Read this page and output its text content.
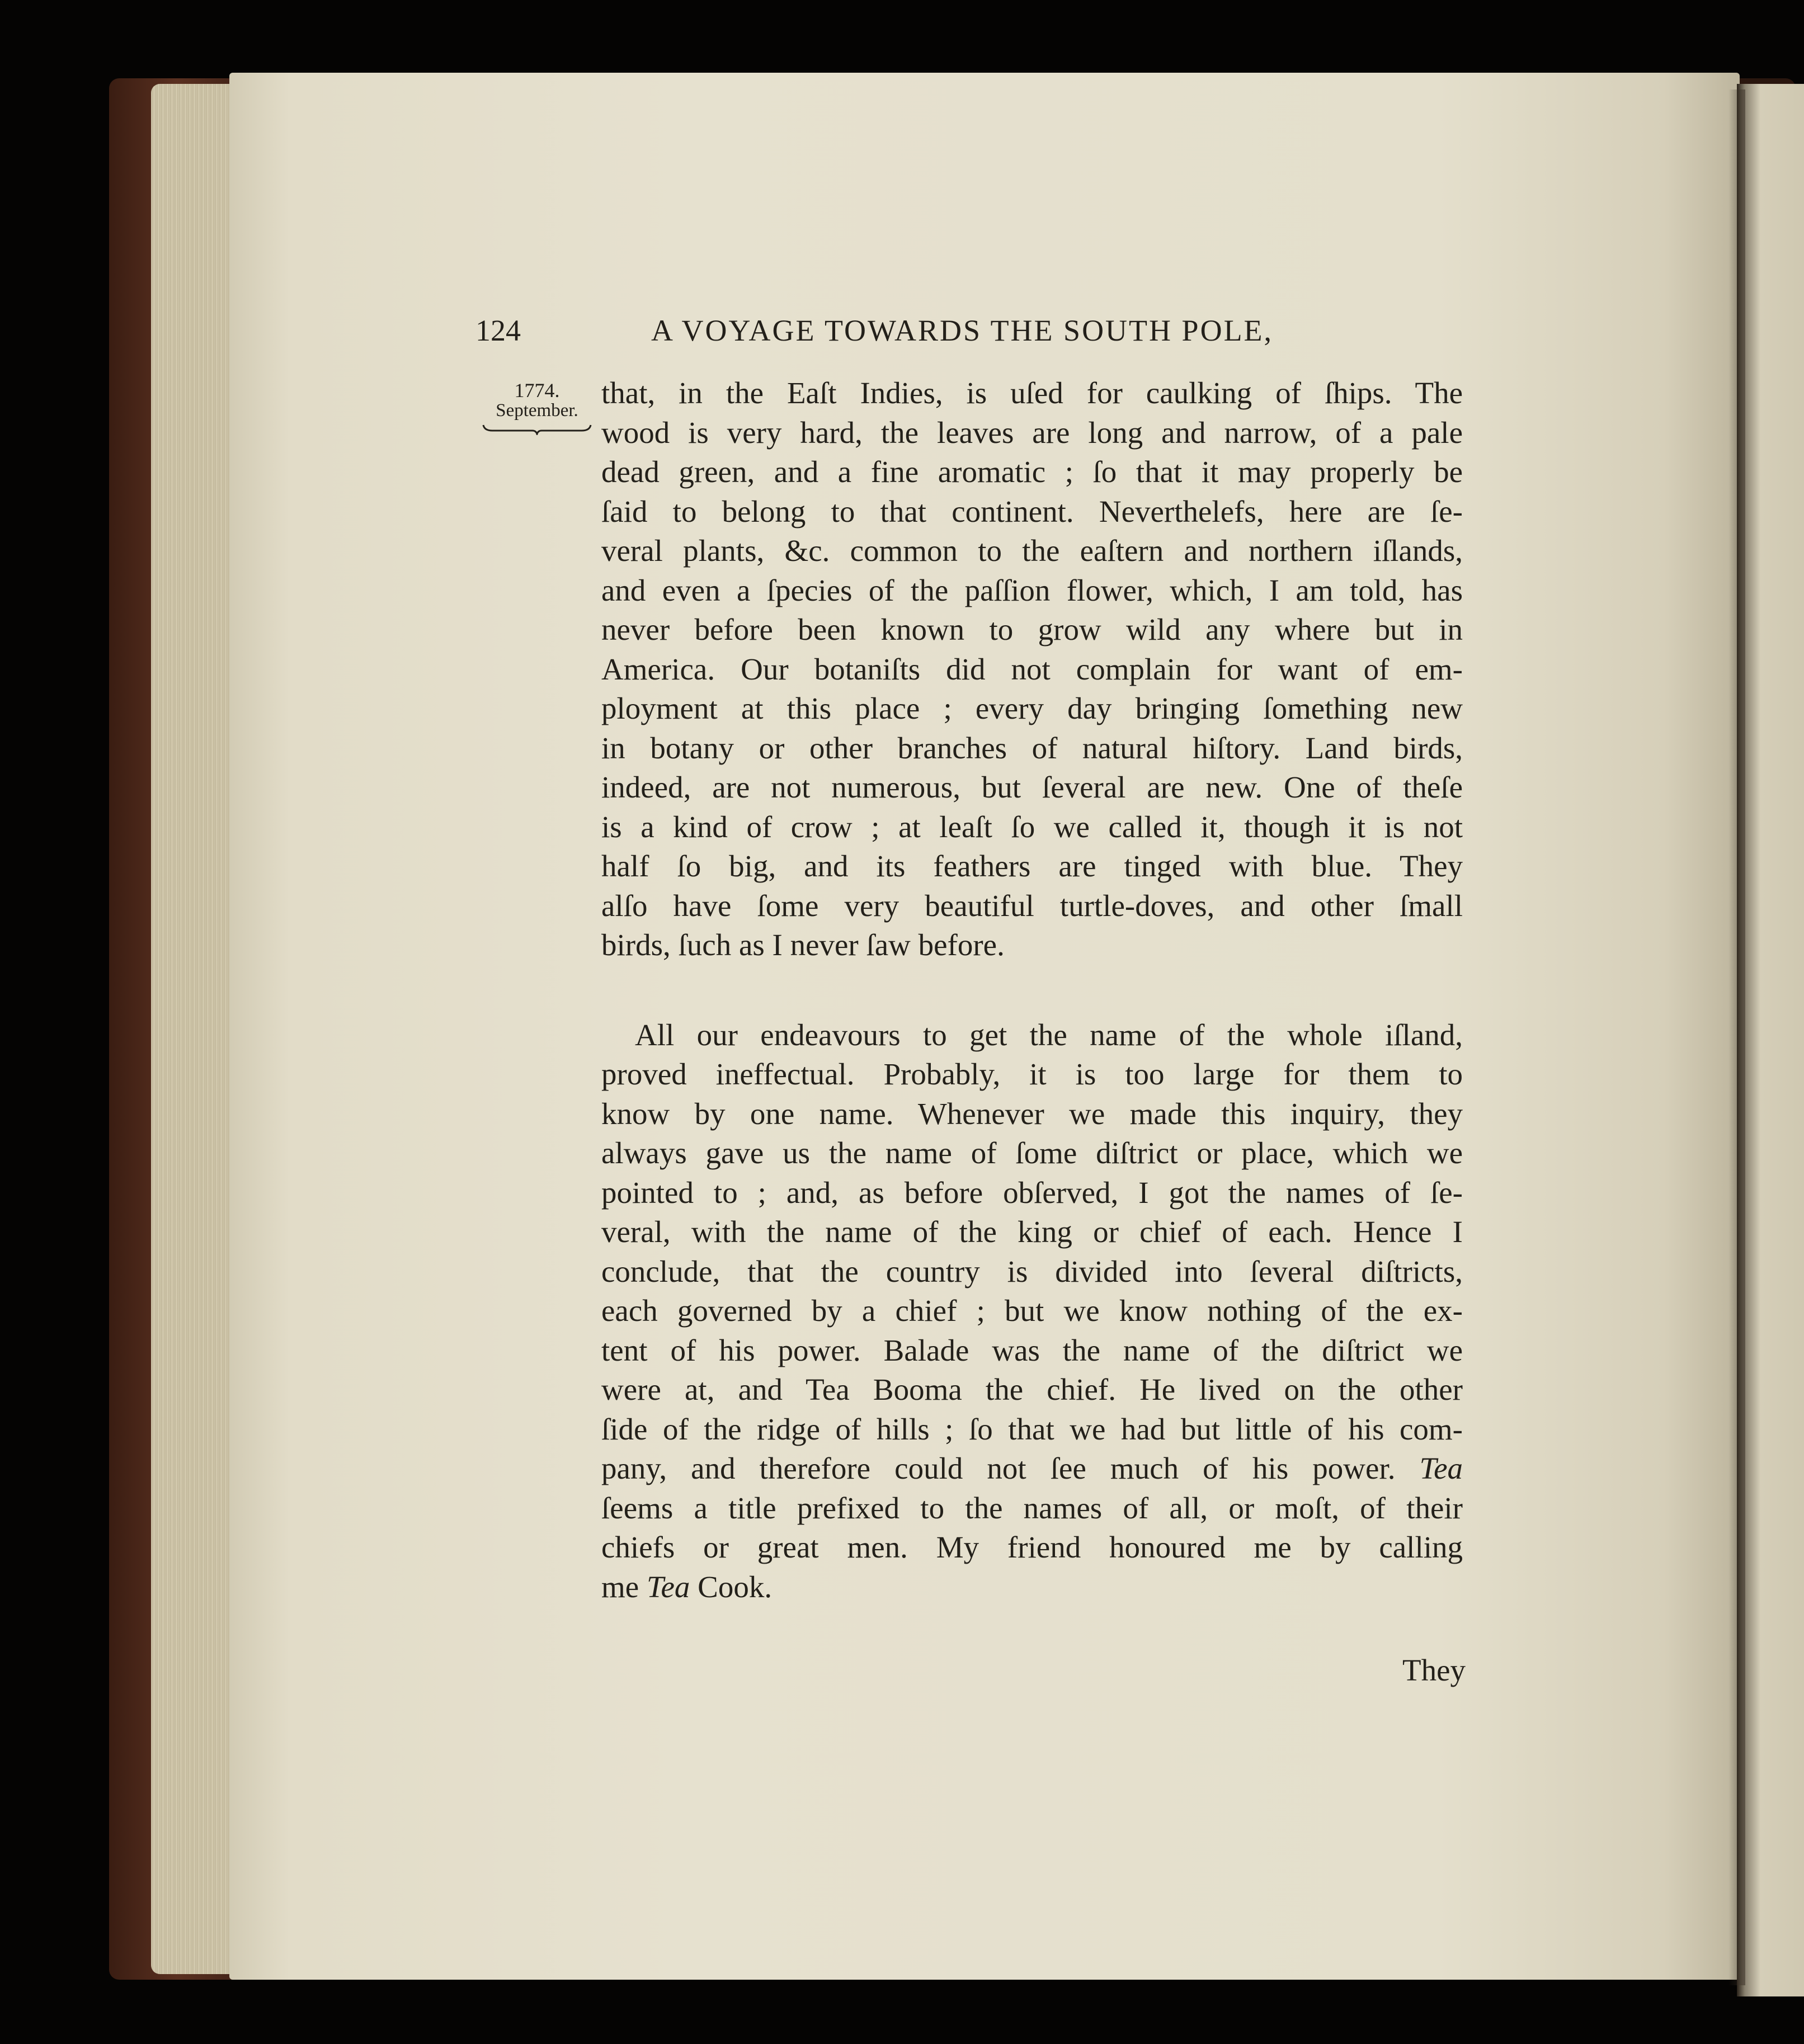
124	A VOYAGE TOWARDS THE SOUTH POLE,
1774.
September.
that, in the Eaſt Indies, is uſed for caulking of ſhips. The
wood is very hard, the leaves are long and narrow, of a pale
dead green, and a fine aromatic ; ſo that it may properly be
ſaid to belong to that continent. Neverthelefs, here are ſe-
veral plants, &c. common to the eaſtern and northern iſlands,
and even a ſpecies of the paſſion flower, which, I am told, has
never before been known to grow wild any where but in
America. Our botaniſts did not complain for want of em-
ployment at this place ; every day bringing ſomething new
in botany or other branches of natural hiſtory. Land birds,
indeed, are not numerous, but ſeveral are new. One of theſe
is a kind of crow ; at leaſt ſo we called it, though it is not
half ſo big, and its feathers are tinged with blue. They
alſo have ſome very beautiful turtle-doves, and other ſmall
birds, ſuch as I never ſaw before.
All our endeavours to get the name of the whole iſland,
proved ineffectual. Probably, it is too large for them to
know by one name. Whenever we made this inquiry, they
always gave us the name of ſome diſtrict or place, which we
pointed to ; and, as before obſerved, I got the names of ſe-
veral, with the name of the king or chief of each. Hence I
conclude, that the country is divided into ſeveral diſtricts,
each governed by a chief ; but we know nothing of the ex-
tent of his power. Balade was the name of the diſtrict we
were at, and Tea Booma the chief. He lived on the other
ſide of the ridge of hills ; ſo that we had but little of his com-
pany, and therefore could not ſee much of his power. Tea
ſeems a title prefixed to the names of all, or moſt, of their
chiefs or great men. My friend honoured me by calling
me Tea Cook.
They
